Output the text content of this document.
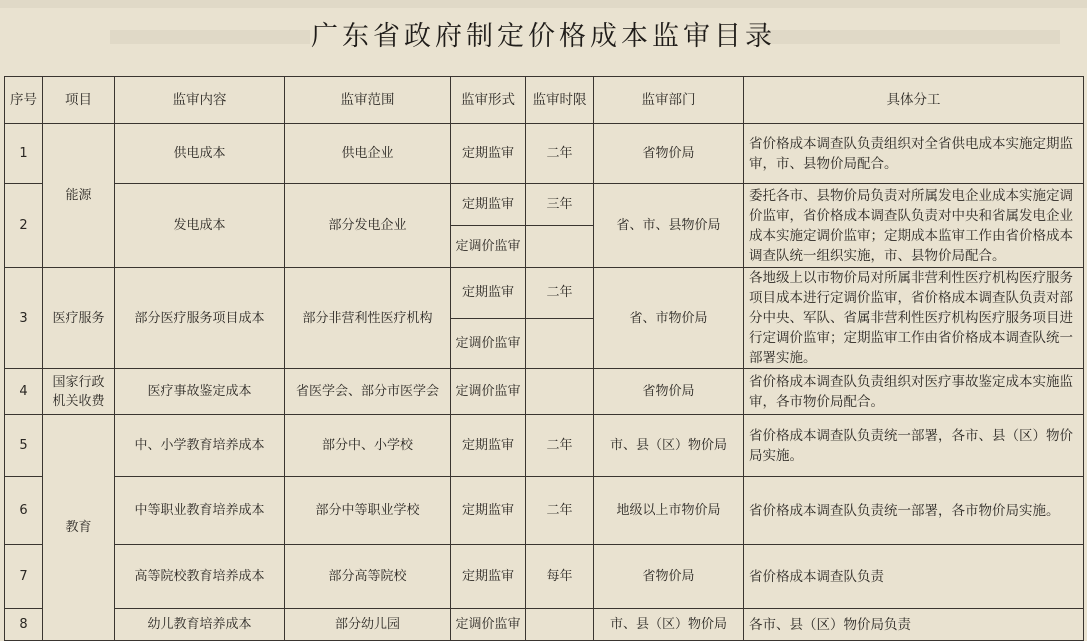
广东省政府制定价格成本监审目录
序号	项目	监审内容	监审范围	监审形式	监审时限	监审部门	具体分工
1	能源	供电成本	供电企业	定期监审	二年	省物价局	省价格成本调查队负责组织对全省供电成本实施定期监审，市、县物价局配合。
2		发电成本	部分发电企业	定期监审	三年	省、市、县物价局	委托各市、县物价局负责对所属发电企业成本实施定调价监审，省价格成本调查队负责对中央和省属发电企业成本实施定调价监审；定期成本监审工作由省价格成本调查队统一组织实施，市、县物价局配合。
				定调价监审			
3	医疗服务	部分医疗服务项目成本	部分非营利性医疗机构	定期监审	二年	省、市物价局	各地级上以市物价局对所属非营利性医疗机构医疗服务项目成本进行定调价监审，省价格成本调查队负责对部分中央、军队、省属非营利性医疗机构医疗服务项目进行定调价监审；定期监审工作由省价格成本调查队统一部署实施。
				定调价监审			
4	国家行政机关收费	医疗事故鉴定成本	省医学会、部分市医学会	定调价监审		省物价局	省价格成本调查队负责组织对医疗事故鉴定成本实施监审，各市物价局配合。
5	教育	中、小学教育培养成本	部分中、小学校	定期监审	二年	市、县（区）物价局	省价格成本调查队负责统一部署，各市、县（区）物价局实施。
6		中等职业教育培养成本	部分中等职业学校	定期监审	二年	地级以上市物价局	省价格成本调查队负责统一部署，各市物价局实施。
7		高等院校教育培养成本	部分高等院校	定期监审	每年	省物价局	省价格成本调查队负责
8		幼儿教育培养成本	部分幼儿园	定调价监审		市、县（区）物价局	各市、县（区）物价局负责
